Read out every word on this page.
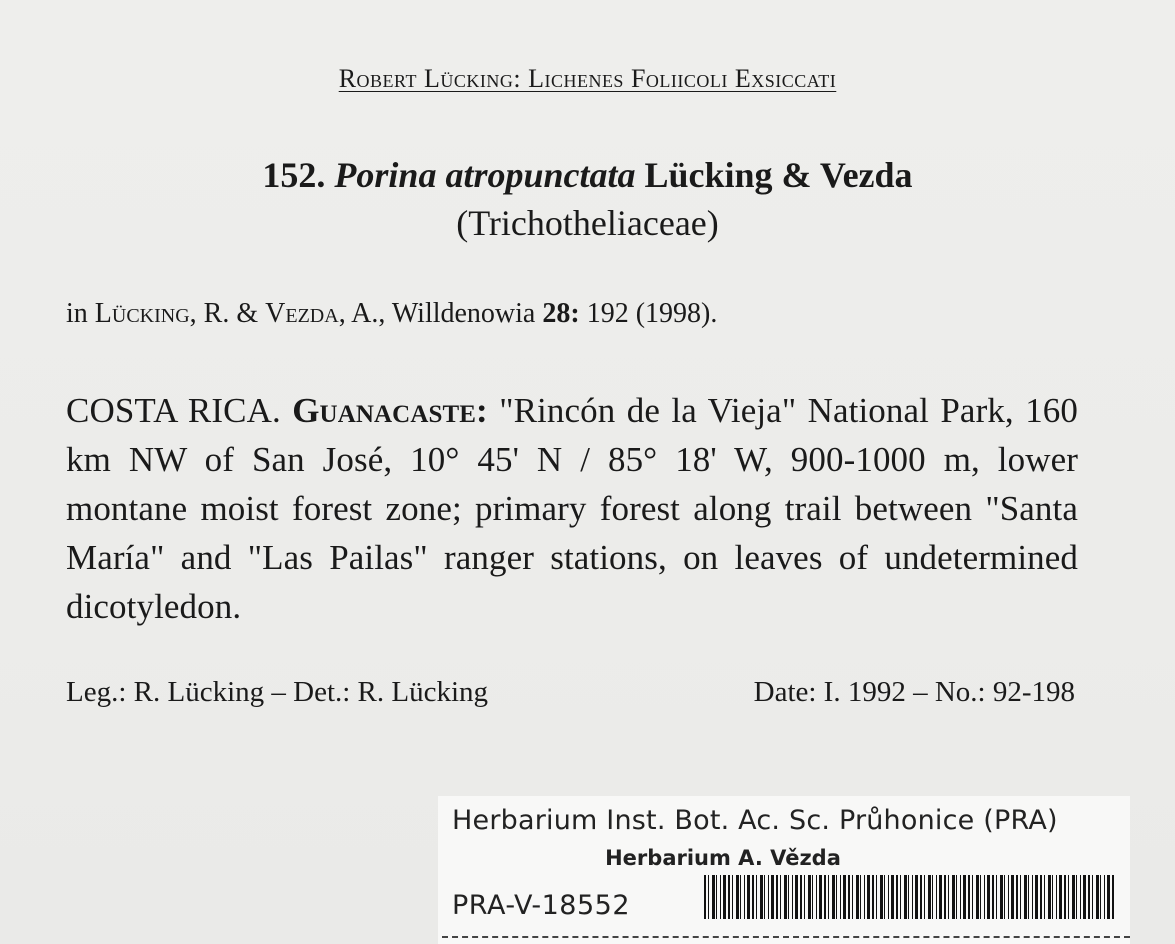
Robert Lücking: Lichenes Foliicoli Exsiccati
152. Porina atropunctata Lücking & Vezda
(Trichotheliaceae)
in Lücking, R. & Vezda, A., Willdenowia 28: 192 (1998).
COSTA RICA. Guanacaste: "Rincón de la Vieja" National Park, 160 km NW of San José, 10° 45' N / 85° 18' W, 900-1000 m, lower montane moist forest zone; primary forest along trail between "Santa María" and "Las Pailas" ranger stations, on leaves of undetermined dicotyledon.
Leg.: R. Lücking – Det.: R. Lücking	Date: I. 1992 – No.: 92-198
Herbarium Inst. Bot. Ac. Sc. Průhonice (PRA)
Herbarium A. Vězda
PRA-V-18552
